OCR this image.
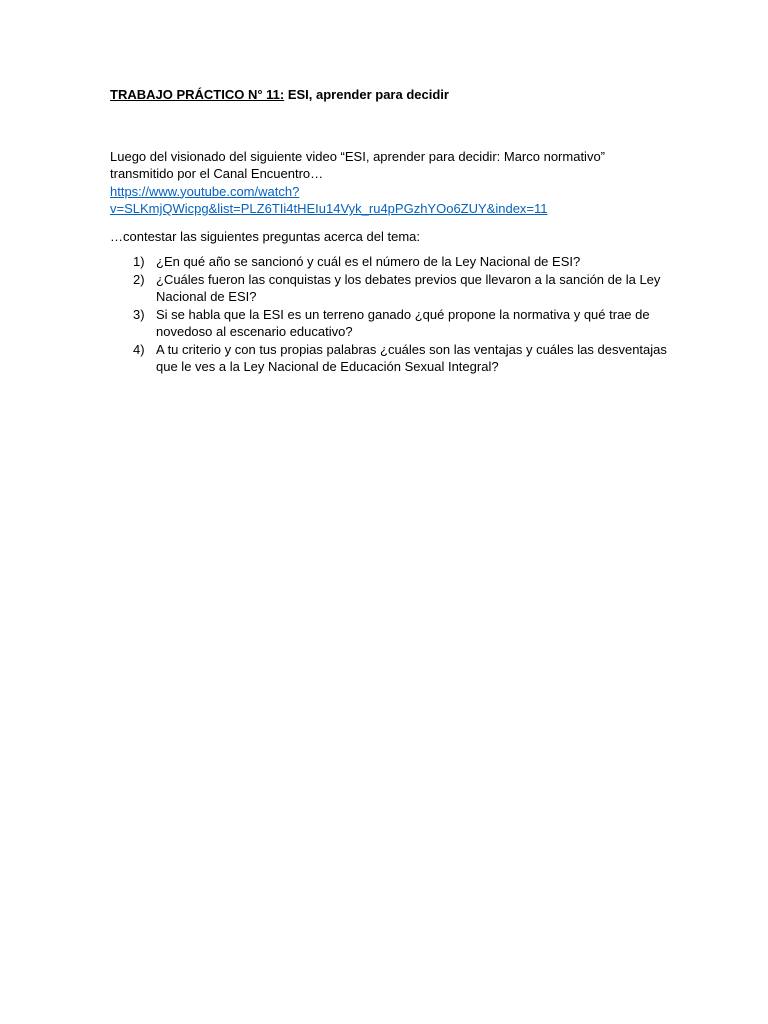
TRABAJO PRÁCTICO N° 11: ESI, aprender para decidir

Luego del visionado del siguiente video “ESI, aprender para decidir: Marco normativo”

transmitido por el Canal Encuentro…

https://www.youtube.com/watch?
v=SLKmjQWicpg&list=PLZ6TIi4tHEIu14Vyk_ru4pPGzhYOo6ZUY&index=11

…contestar las siguientes preguntas acerca del tema:

1) ¿En qué año se sancionó y cuál es el número de la Ley Nacional de ESI?
2) ¿Cuáles fueron las conquistas y los debates previos que llevaron a la sanción de la Ley Nacional de ESI?
3) Si se habla que la ESI es un terreno ganado ¿qué propone la normativa y qué trae de novedoso al escenario educativo?
4) A tu criterio y con tus propias palabras ¿cuáles son las ventajas y cuáles las desventajas que le ves a la Ley Nacional de Educación Sexual Integral?
